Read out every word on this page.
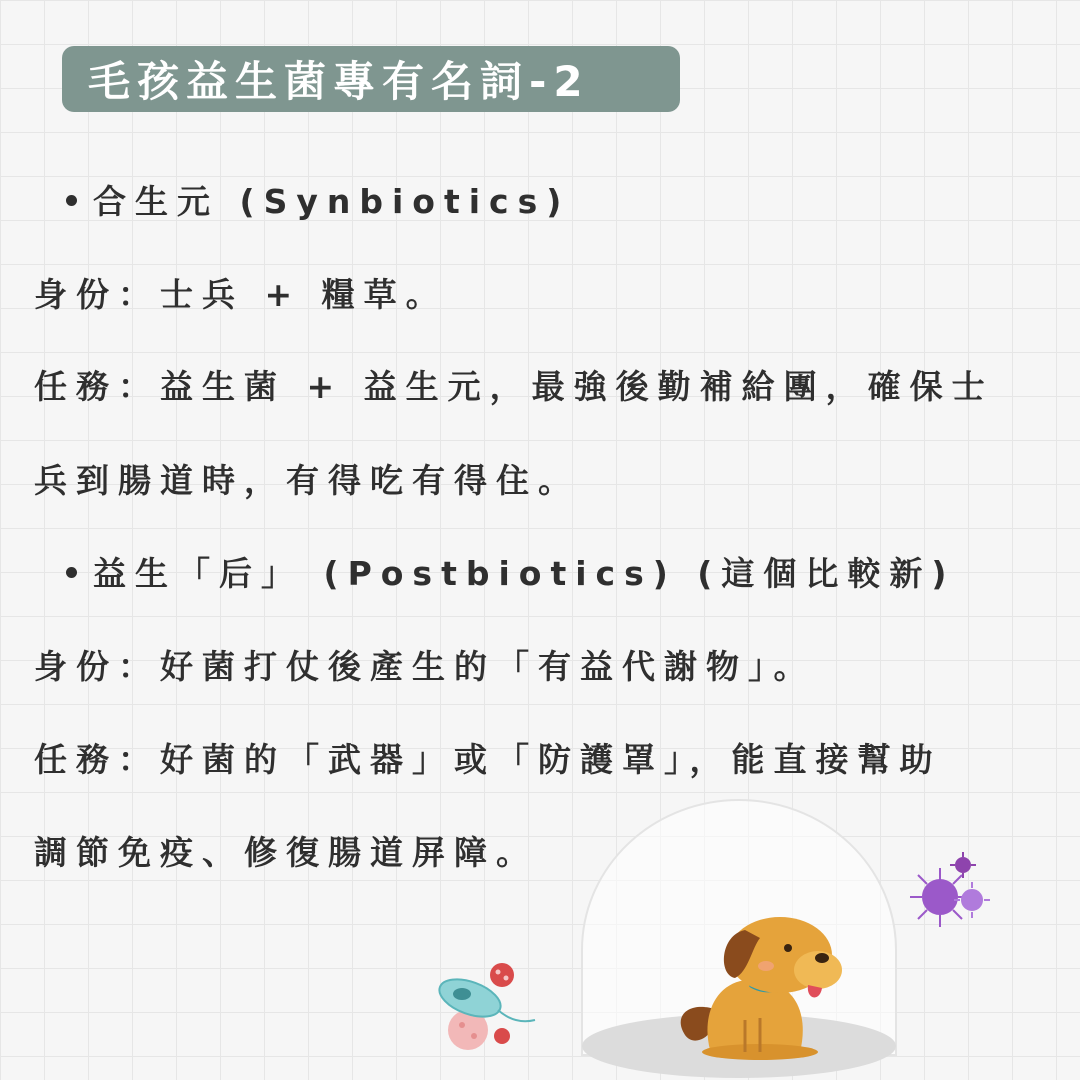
毛孩益生菌專有名詞-2
合生元 (Synbiotics)
身份：士兵 + 糧草。
任務：益生菌 + 益生元，最強後勤補給團，確保士
兵到腸道時，有得吃有得住。
益生「后」 (Postbiotics) (這個比較新)
身份：好菌打仗後產生的「有益代謝物」。
任務：好菌的「武器」或「防護罩」，能直接幫助
調節免疫、修復腸道屏障。
